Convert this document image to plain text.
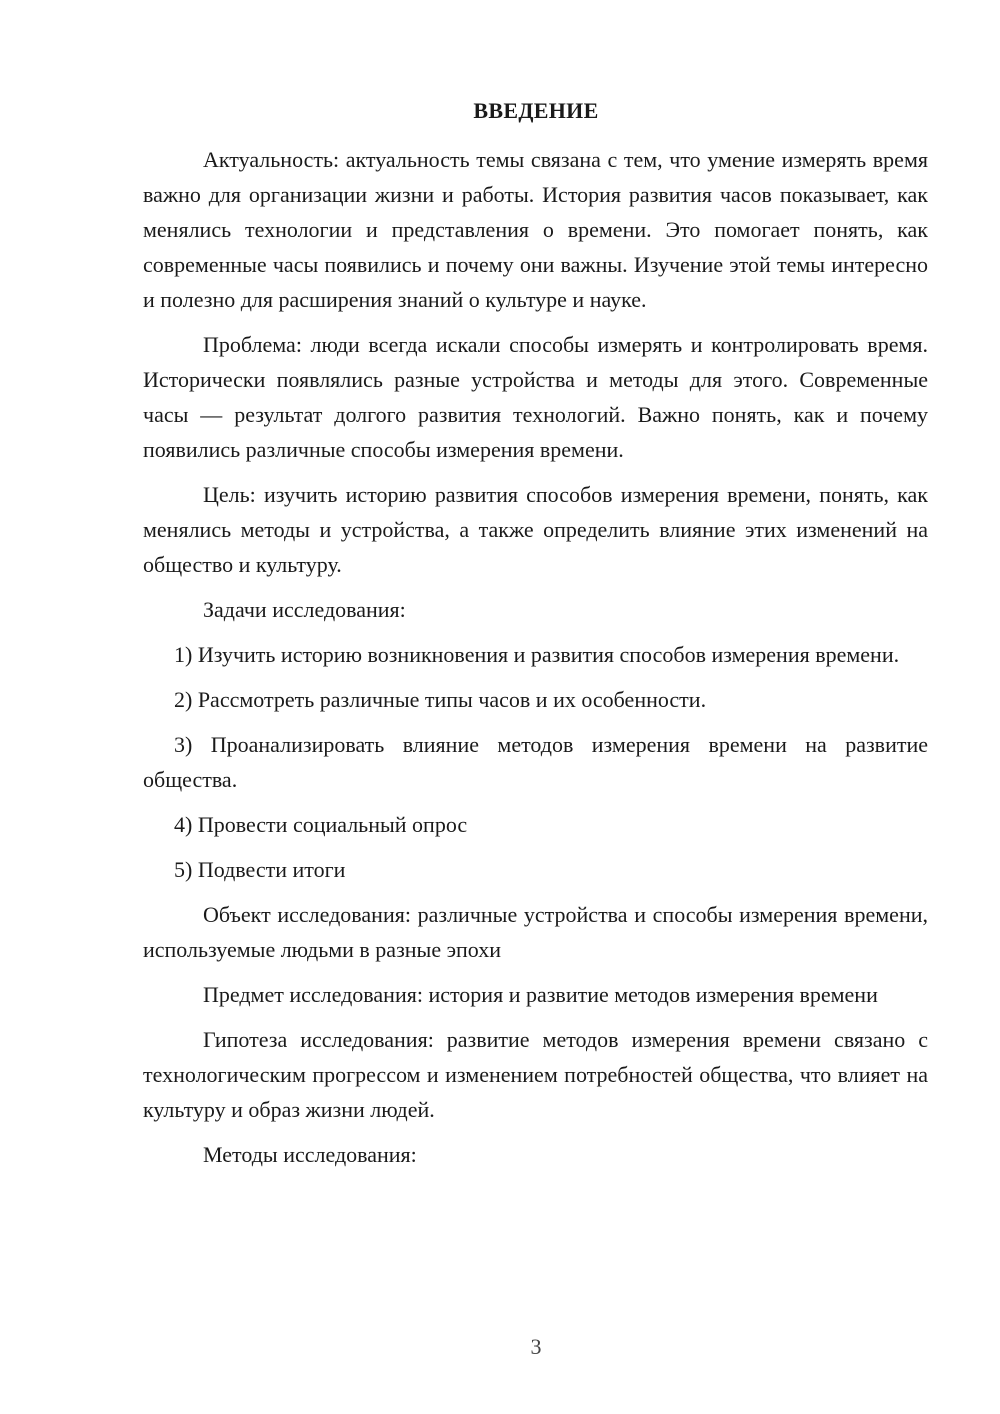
ВВЕДЕНИЕ

Актуальность: актуальность темы связана с тем, что умение измерять время важно для организации жизни и работы. История развития часов показывает, как менялись технологии и представления о времени. Это помогает понять, как современные часы появились и почему они важны. Изучение этой темы интересно и полезно для расширения знаний о культуре и науке.

Проблема: люди всегда искали способы измерять и контролировать время. Исторически появлялись разные устройства и методы для этого. Современные часы — результат долгого развития технологий. Важно понять, как и почему появились различные способы измерения времени.

Цель: изучить историю развития способов измерения времени, понять, как менялись методы и устройства, а также определить влияние этих изменений на общество и культуру.

Задачи исследования:

1) Изучить историю возникновения и развития способов измерения времени.

2) Рассмотреть различные типы часов и их особенности.

3) Проанализировать влияние методов измерения времени на развитие общества.

4) Провести социальный опрос

5) Подвести итоги

Объект исследования: различные устройства и способы измерения времени, используемые людьми в разные эпохи

Предмет исследования: история и развитие методов измерения времени

Гипотеза исследования: развитие методов измерения времени связано с технологическим прогрессом и изменением потребностей общества, что влияет на культуру и образ жизни людей.

Методы исследования:

3
